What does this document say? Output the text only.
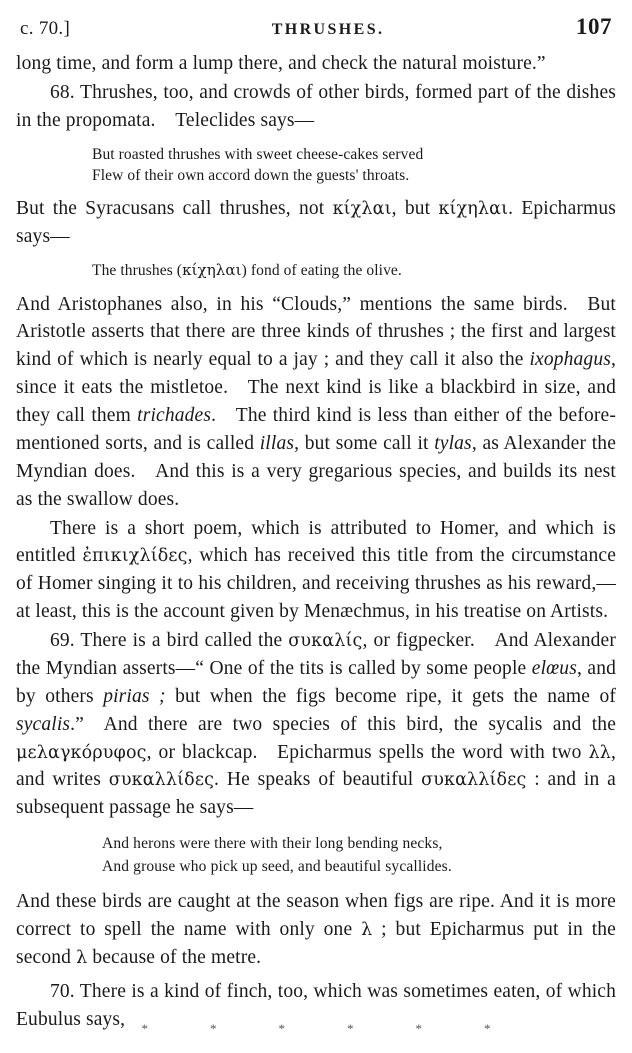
c. 70.]	THRUSHES.	107

long time, and form a lump there, and check the natural moisture.”

68. Thrushes, too, and crowds of other birds, formed part of the dishes in the propomata. Teleclides says—

But roasted thrushes with sweet cheese-cakes served
Flew of their own accord down the guests' throats.

But the Syracusans call thrushes, not κίχλαι, but κίχηλαι. Epicharmus says—

The thrushes (κίχηλαι) fond of eating the olive.

And Aristophanes also, in his “Clouds,” mentions the same birds. But Aristotle asserts that there are three kinds of thrushes ; the first and largest kind of which is nearly equal to a jay ; and they call it also the ixophagus, since it eats the mistletoe. The next kind is like a blackbird in size, and they call them trichades. The third kind is less than either of the before-mentioned sorts, and is called illas, but some call it tylas, as Alexander the Myndian does. And this is a very gregarious species, and builds its nest as the swallow does.

There is a short poem, which is attributed to Homer, and which is entitled ἐπικιχλίδες, which has received this title from the circumstance of Homer singing it to his children, and receiving thrushes as his reward,—at least, this is the account given by Menæchmus, in his treatise on Artists.

69. There is a bird called the συκαλίς, or figpecker. And Alexander the Myndian asserts—“ One of the tits is called by some people elœus, and by others pirias ; but when the figs become ripe, it gets the name of sycalis.” And there are two species of this bird, the sycalis and the μελαγκόρυφος, or blackcap. Epicharmus spells the word with two λλ, and writes συκαλλίδες. He speaks of beautiful συκαλλίδες : and in a subsequent passage he says—

And herons were there with their long bending necks,
And grouse who pick up seed, and beautiful sycallides.

And these birds are caught at the season when figs are ripe. And it is more correct to spell the name with only one λ ; but Epicharmus put in the second λ because of the metre.

70. There is a kind of finch, too, which was sometimes eaten, of which Eubulus says,	*	*	*	*	*	*
